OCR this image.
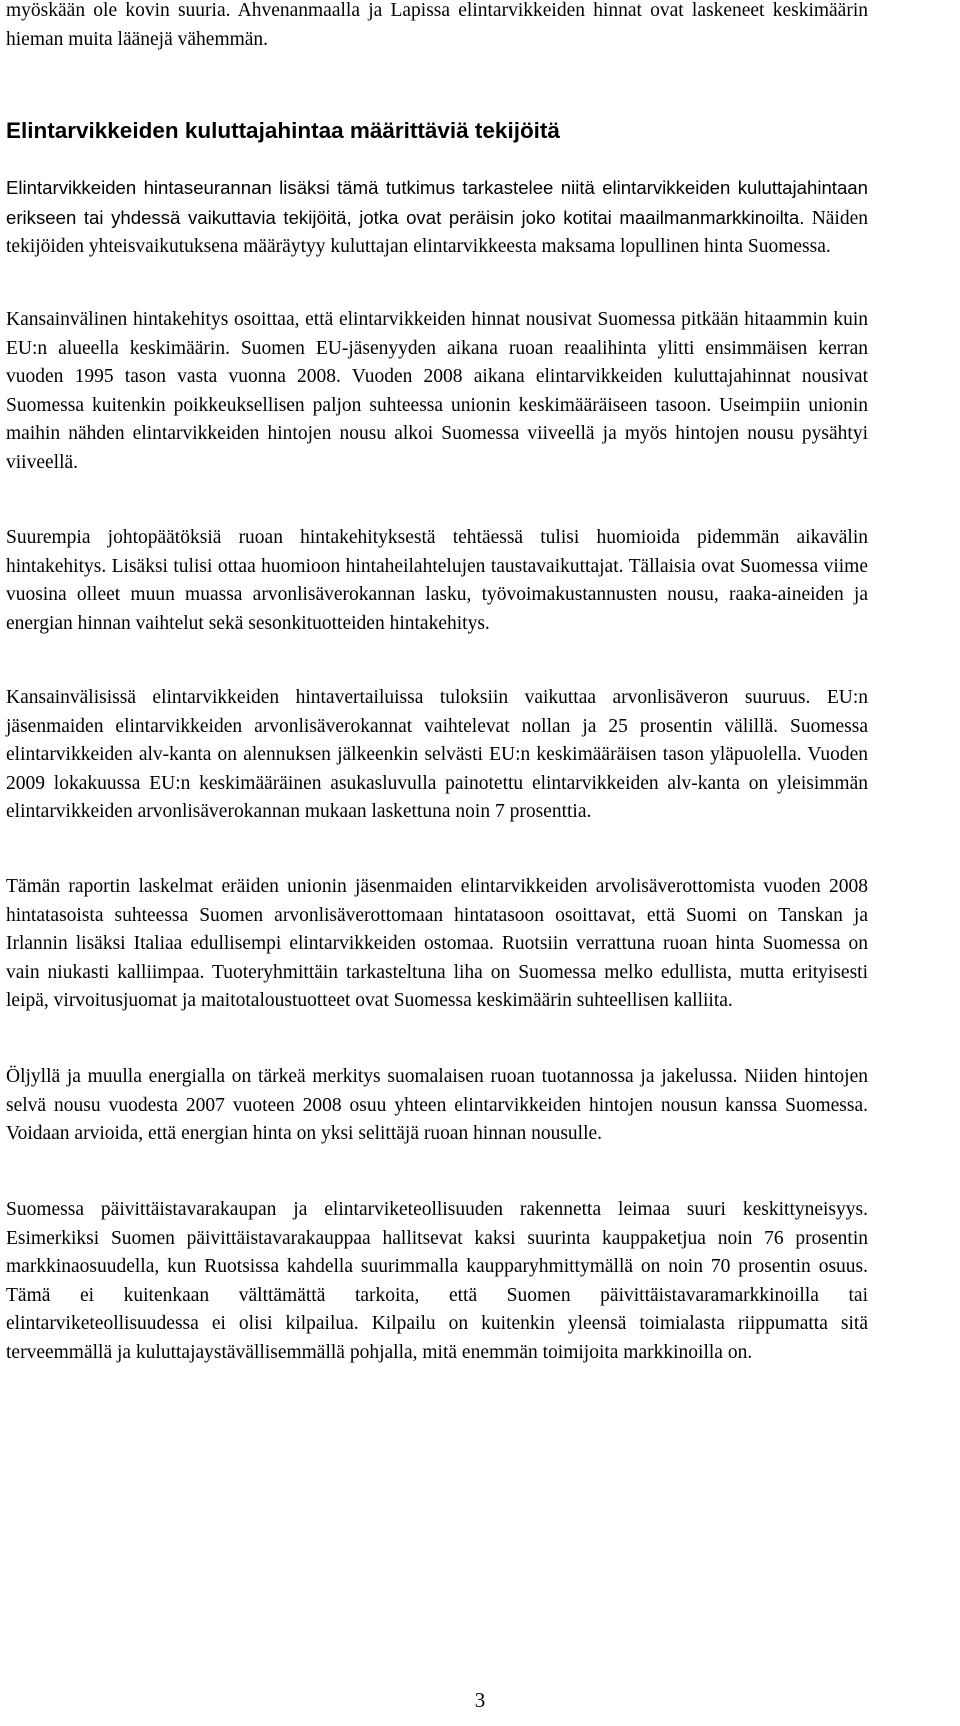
myöskään ole kovin suuria. Ahvenanmaalla ja Lapissa elintarvikkeiden hinnat ovat laskeneet keskimäärin hieman muita läänejä vähemmän.

Elintarvikkeiden kuluttajahintaa määrittäviä tekijöitä

Elintarvikkeiden hintaseurannan lisäksi tämä tutkimus tarkastelee niitä elintarvikkeiden kuluttajahintaan erikseen tai yhdessä vaikuttavia tekijöitä, jotka ovat peräisin joko kotitai maailmanmarkkinoilta. Näiden tekijöiden yhteisvaikutuksena määräytyy kuluttajan elintarvikkeesta maksama lopullinen hinta Suomessa.

Kansainvälinen hintakehitys osoittaa, että elintarvikkeiden hinnat nousivat Suomessa pitkään hitaammin kuin EU:n alueella keskimäärin. Suomen EU-jäsenyyden aikana ruoan reaalihinta ylitti ensimmäisen kerran vuoden 1995 tason vasta vuonna 2008. Vuoden 2008 aikana elintarvikkeiden kuluttajahinnat nousivat Suomessa kuitenkin poikkeuksellisen paljon suhteessa unionin keskimääräiseen tasoon. Useimpiin unionin maihin nähden elintarvikkeiden hintojen nousu alkoi Suomessa viiveellä ja myös hintojen nousu pysähtyi viiveellä.

Suurempia johtopäätöksiä ruoan hintakehityksestä tehtäessä tulisi huomioida pidemmän aikavälin hintakehitys. Lisäksi tulisi ottaa huomioon hintaheilahtelujen taustavaikuttajat. Tällaisia ovat Suomessa viime vuosina olleet muun muassa arvonlisäverokannan lasku, työvoimakustannusten nousu, raaka-aineiden ja energian hinnan vaihtelut sekä sesonkituotteiden hintakehitys.

Kansainvälisissä elintarvikkeiden hintavertailuissa tuloksiin vaikuttaa arvonlisäveron suuruus. EU:n jäsenmaiden elintarvikkeiden arvonlisäverokannat vaihtelevat nollan ja 25 prosentin välillä. Suomessa elintarvikkeiden alv-kanta on alennuksen jälkeenkin selvästi EU:n keskimääräisen tason yläpuolella. Vuoden 2009 lokakuussa EU:n keskimääräinen asukasluvulla painotettu elintarvikkeiden alv-kanta on yleisimmän elintarvikkeiden arvonlisäverokannan mukaan laskettuna noin 7 prosenttia.

Tämän raportin laskelmat eräiden unionin jäsenmaiden elintarvikkeiden arvolisäverottomista vuoden 2008 hintatasoista suhteessa Suomen arvonlisäverottomaan hintatasoon osoittavat, että Suomi on Tanskan ja Irlannin lisäksi Italiaa edullisempi elintarvikkeiden ostomaa. Ruotsiin verrattuna ruoan hinta Suomessa on vain niukasti kalliimpaa. Tuoteryhmittäin tarkasteltuna liha on Suomessa melko edullista, mutta erityisesti leipä, virvoitusjuomat ja maitotaloustuotteet ovat Suomessa keskimäärin suhteellisen kalliita.

Öljyllä ja muulla energialla on tärkeä merkitys suomalaisen ruoan tuotannossa ja jakelussa. Niiden hintojen selvä nousu vuodesta 2007 vuoteen 2008 osuu yhteen elintarvikkeiden hintojen nousun kanssa Suomessa. Voidaan arvioida, että energian hinta on yksi selittäjä ruoan hinnan nousulle.

Suomessa päivittäistavarakaupan ja elintarviketeollisuuden rakennetta leimaa suuri keskittyneisyys. Esimerkiksi Suomen päivittäistavarakauppaa hallitsevat kaksi suurinta kauppaketjua noin 76 prosentin markkinaosuudella, kun Ruotsissa kahdella suurimmalla kaupparyhmittymällä on noin 70 prosentin osuus. Tämä ei kuitenkaan välttämättä tarkoita, että Suomen päivittäistavaramarkkinoilla tai elintarviketeollisuudessa ei olisi kilpailua. Kilpailu on kuitenkin yleensä toimialasta riippumatta sitä terveemmällä ja kuluttajaystävällisemmällä pohjalla, mitä enemmän toimijoita markkinoilla on.

3
